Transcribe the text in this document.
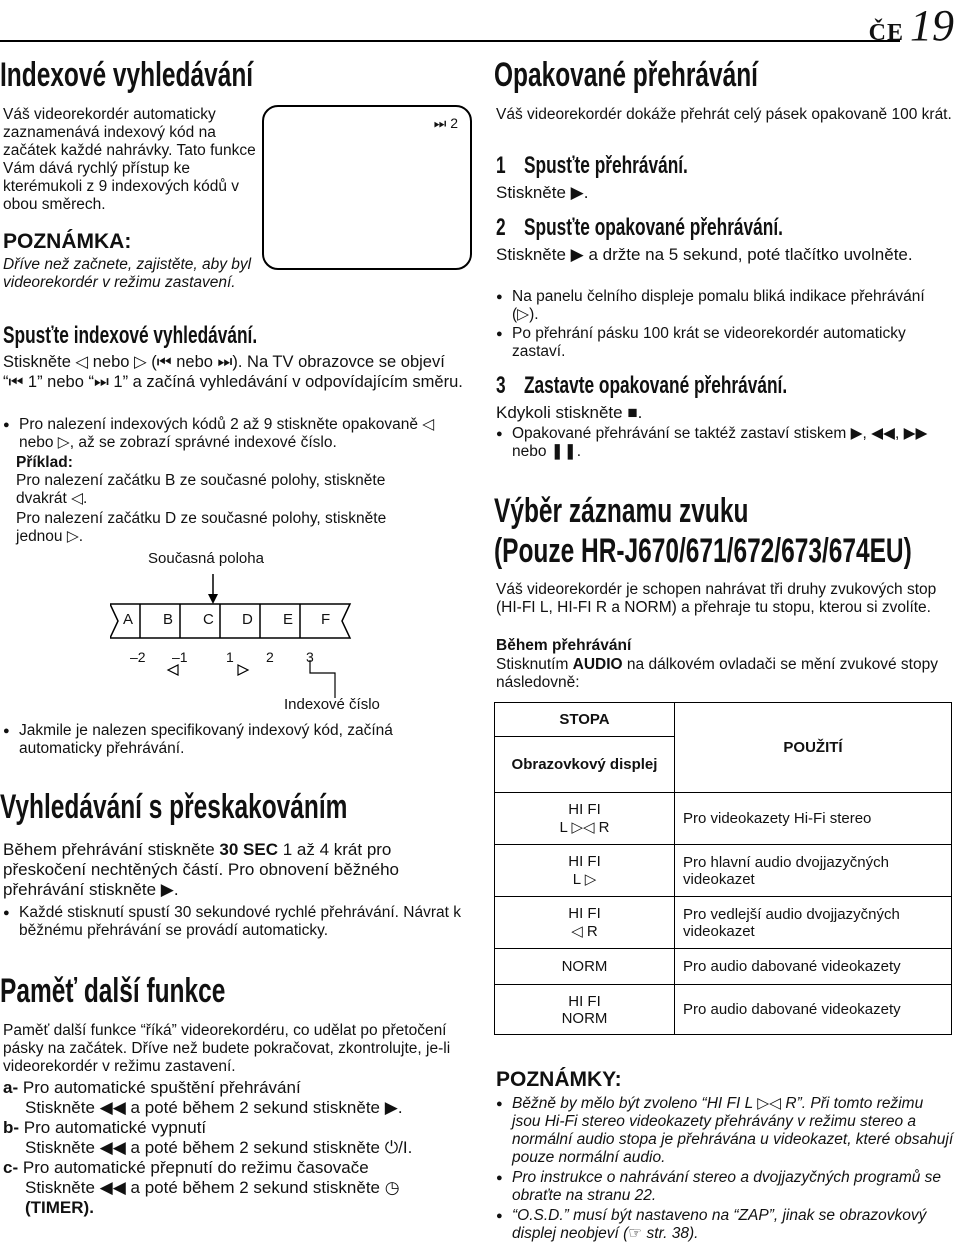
ČE 19
Indexové vyhledávání
Váš videorekordér automaticky zaznamenává indexový kód na začátek každé nahrávky. Tato funkce Vám dává rychlý přístup ke kterémukoli z 9 indexových kódů v obou směrech.
POZNÁMKA:
Dříve než začnete, zajistěte, aby byl videorekordér v režimu zastavení.
⏭ 2
Spusťte indexové vyhledávání.
Stiskněte ◁ nebo ▷ (⏮ nebo ⏭). Na TV obrazovce se objeví “⏮ 1” nebo “⏭ 1” a začíná vyhledávání v odpovídajícím směru.
● Pro nalezení indexových kódů 2 až 9 stiskněte opakovaně ◁ nebo ▷, až se zobrazí správné indexové číslo.
Příklad:
Pro nalezení začátku B ze současné polohy, stiskněte dvakrát ◁.
Pro nalezení začátku D ze současné polohy, stiskněte jednou ▷.
Současná poloha
A B C D E F
–2 –1	1 2 3
Indexové číslo
● Jakmile je nalezen specifikovaný indexový kód, začíná automaticky přehrávání.
Vyhledávání s přeskakováním
Během přehrávání stiskněte 30 SEC 1 až 4 krát pro přeskočení nechtěných částí. Pro obnovení běžného přehrávání stiskněte ▶.
● Každé stisknutí spustí 30 sekundové rychlé přehrávání. Návrat k běžnému přehrávání se provádí automaticky.
Paměť další funkce
Paměť další funkce “říká” videorekordéru, co udělat po přetočení pásky na začátek. Dříve než budete pokračovat, zkontrolujte, je-li videorekordér v režimu zastavení.
a- Pro automatické spuštění přehrávání
Stiskněte ◀◀ a poté během 2 sekund stiskněte ▶.
b- Pro automatické vypnutí
Stiskněte ◀◀ a poté během 2 sekund stiskněte ⏻/I.
c- Pro automatické přepnutí do režimu časovače
Stiskněte ◀◀ a poté během 2 sekund stiskněte ◷
(TIMER).
Opakované přehrávání
Váš videorekordér dokáže přehrát celý pásek opakovaně 100 krát.
1 Spusťte přehrávání.
Stiskněte ▶.
2 Spusťte opakované přehrávání.
Stiskněte ▶ a držte na 5 sekund, poté tlačítko uvolněte.
● Na panelu čelního displeje pomalu bliká indikace přehrávání (▷).
● Po přehrání pásku 100 krát se videorekordér automaticky zastaví.
3 Zastavte opakované přehrávání.
Kdykoli stiskněte ■.
● Opakované přehrávání se taktéž zastaví stiskem ▶, ◀◀, ▶▶ nebo ❚❚.
Výběr záznamu zvuku
(Pouze HR-J670/671/672/673/674EU)
Váš videorekordér je schopen nahrávat tři druhy zvukových stop (HI-FI L, HI-FI R a NORM) a přehraje tu stopu, kterou si zvolíte.
Během přehrávání
Stisknutím AUDIO na dálkovém ovladači se mění zvukové stopy následovně:
STOPA	POUŽITÍ
Obrazovkový displej	
HI FI
L ▷◁ R	Pro videokazety Hi-Fi stereo
HI FI
L ▷	Pro hlavní audio dvojjazyčných videokazet
HI FI
◁ R	Pro vedlejší audio dvojjazyčných videokazet
NORM	Pro audio dabované videokazety
HI FI
NORM	Pro audio dabované videokazety
POZNÁMKY:
● Běžně by mělo být zvoleno “HI FI L ▷◁ R”. Při tomto režimu jsou Hi-Fi stereo videokazety přehrávány v režimu stereo a normální audio stopa je přehrávána u videokazet, které obsahují pouze normální audio.
● Pro instrukce o nahrávání stereo a dvojjazyčných programů se obraťte na stranu 22.
● “O.S.D.” musí být nastaveno na “ZAP”, jinak se obrazovkový displej neobjeví (☞ str. 38).
